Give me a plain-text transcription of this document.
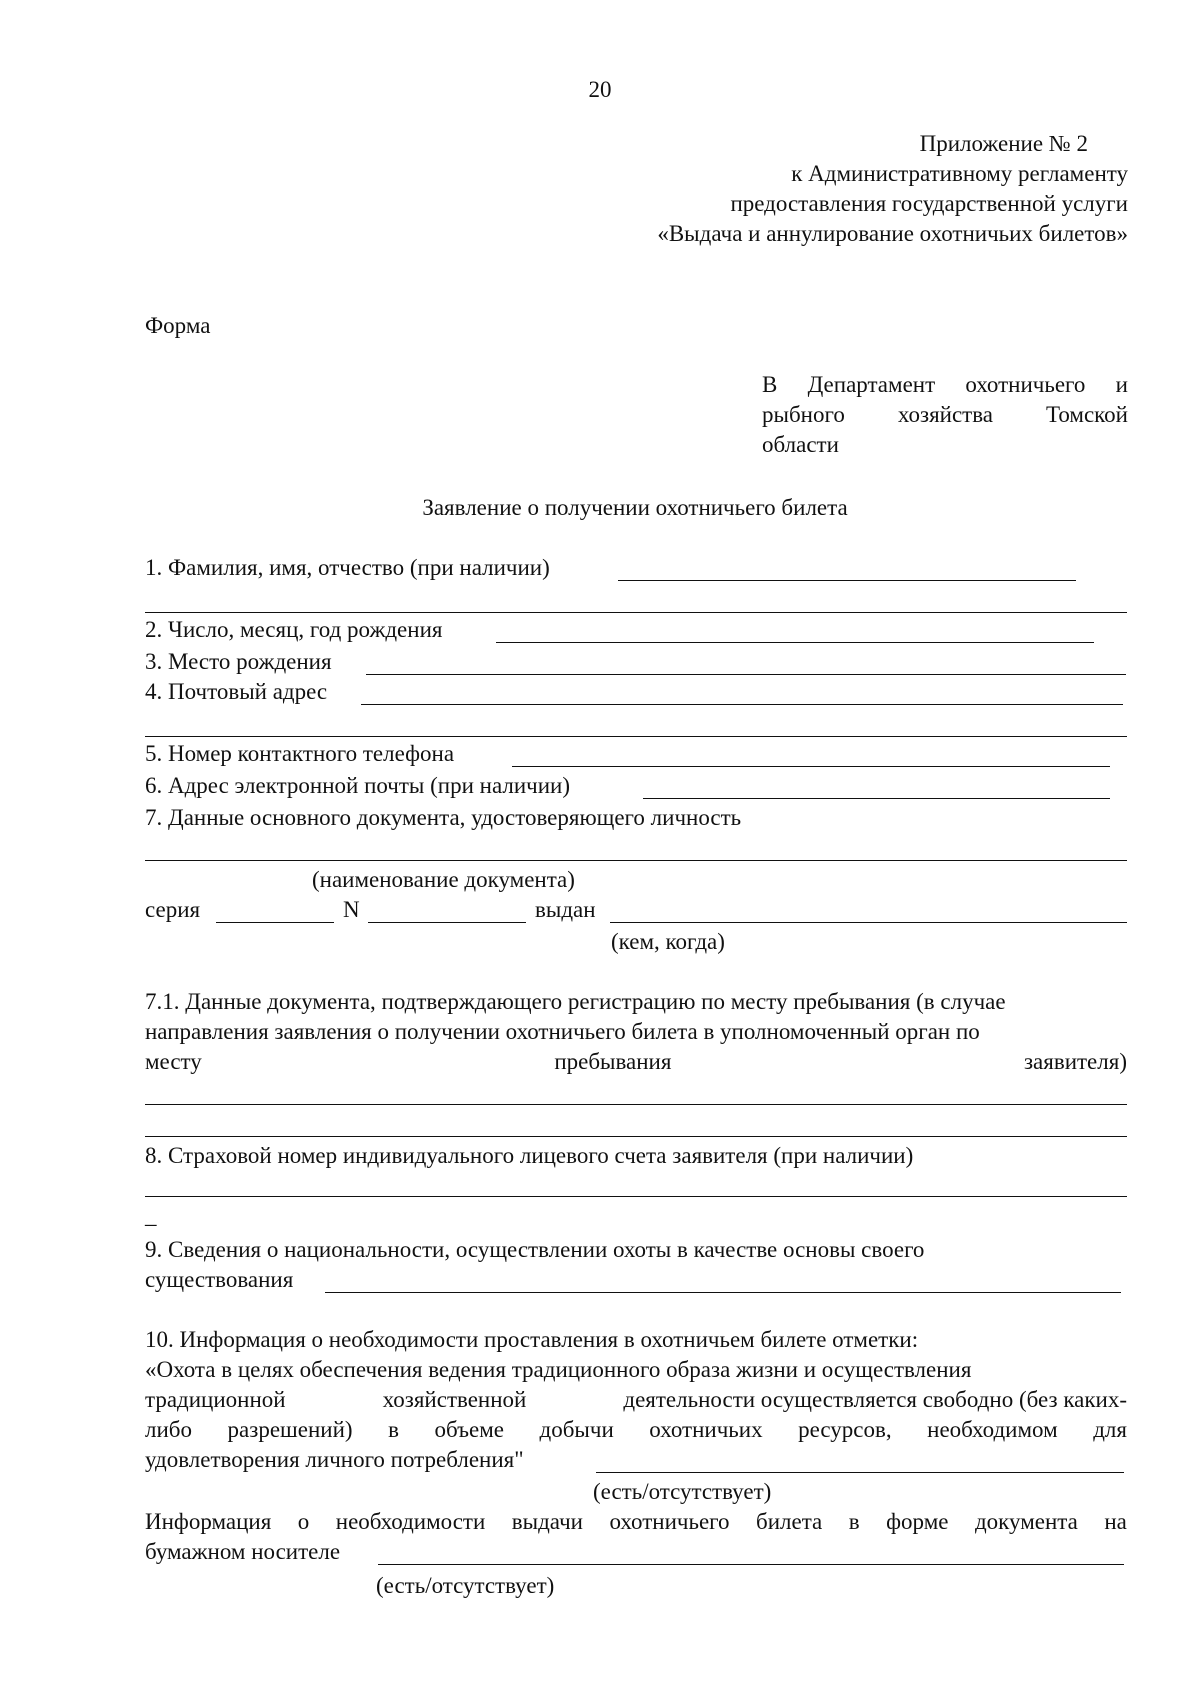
20
Приложение № 2
к Административному регламенту
предоставления государственной услуги
«Выдача и аннулирование охотничьих билетов»
Форма
В Департамент охотничьего и
рыбного хозяйства Томской
области
Заявление о получении охотничьего билета
1. Фамилия, имя, отчество (при наличии)
2. Число, месяц, год рождения
3. Место рождения
4. Почтовый адрес
5. Номер контактного телефона
6. Адрес электронной почты (при наличии)
7. Данные основного документа, удостоверяющего личность
(наименование документа)
серия	N	выдан
(кем, когда)
7.1. Данные документа, подтверждающего регистрацию по месту пребывания (в случае
направления заявления о получении охотничьего билета в уполномоченный орган по
месту	пребывания	заявителя)
8. Страховой номер индивидуального лицевого счета заявителя (при наличии)
_
9. Сведения о национальности, осуществлении охоты в качестве основы своего
существования
10. Информация о необходимости проставления в охотничьем билете отметки:
«Охота в целях обеспечения ведения традиционного образа жизни и осуществления
традиционной	хозяйственной	деятельности осуществляется свободно (без каких-
либо разрешений) в объеме добычи охотничьих ресурсов, необходимом для
удовлетворения личного потребления"
(есть/отсутствует)
Информация о необходимости выдачи охотничьего билета в форме документа на
бумажном носителе
(есть/отсутствует)
